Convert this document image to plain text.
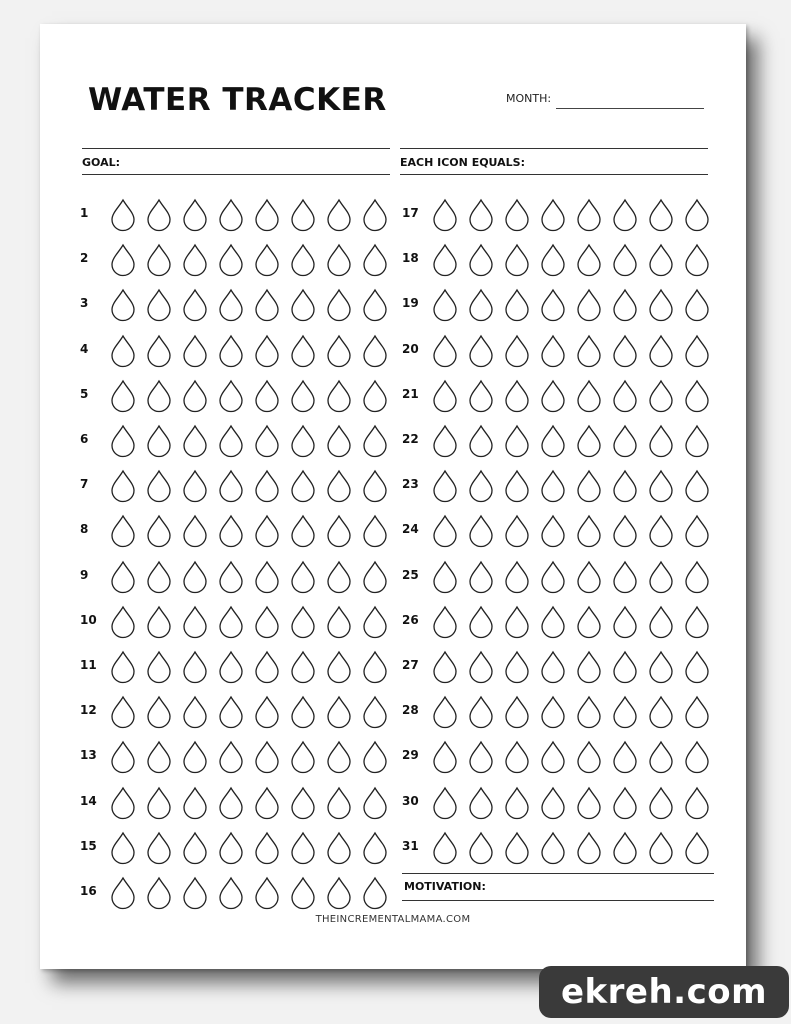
WATER TRACKER	MONTH:
GOAL:	EACH ICON EQUALS:
1
2
3
4
5
6
7
8
9
10
11
12
13
14
15
16
17
18
19
20
21
22
23
24
25
26
27
28
29
30
31
MOTIVATION:
THEINCREMENTALMAMA.COM
ekreh.com
